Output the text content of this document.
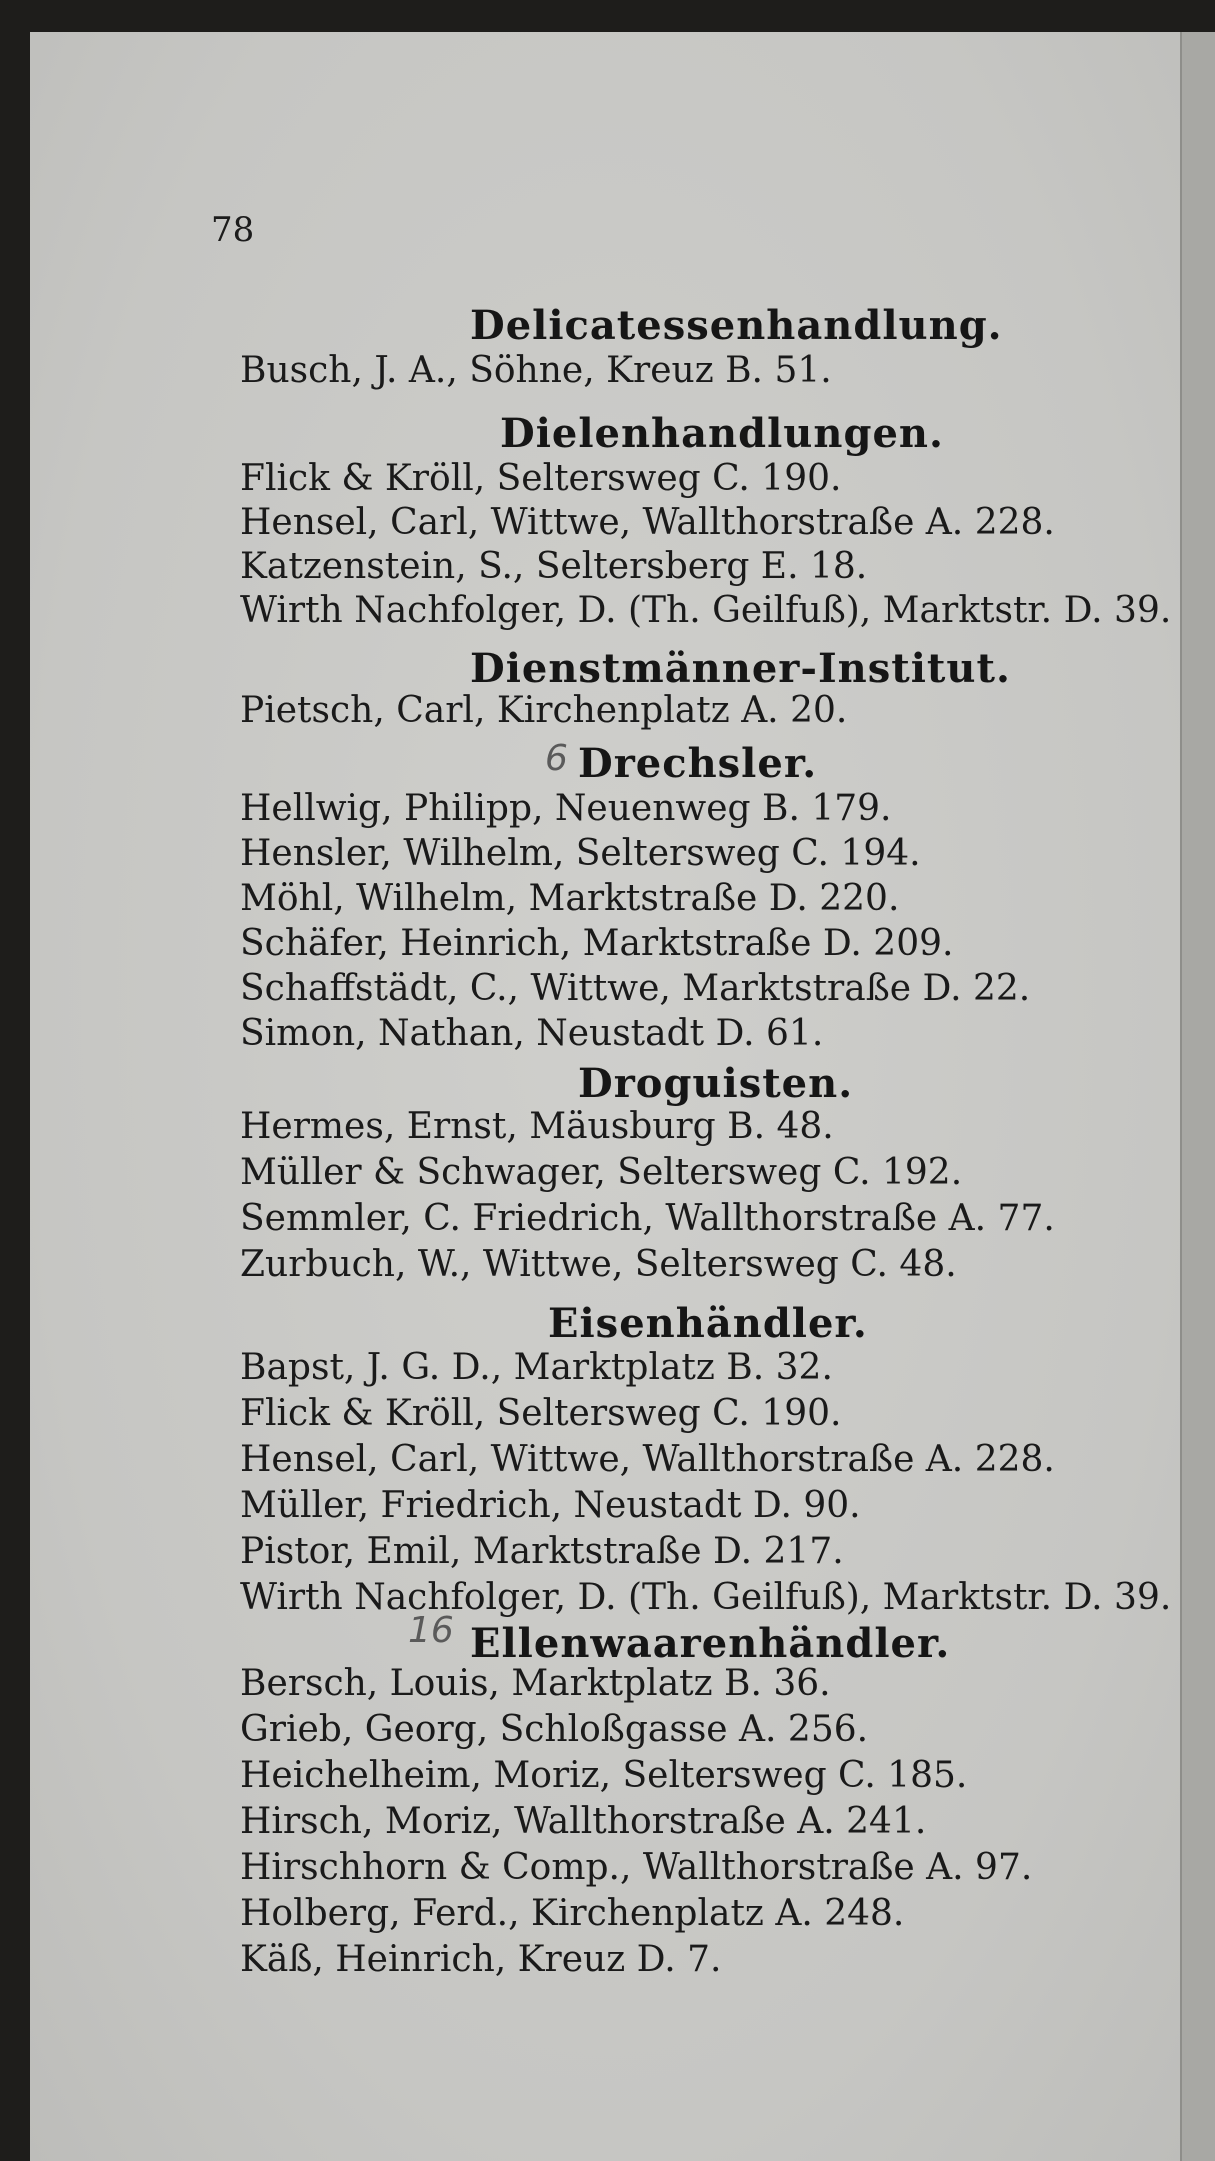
78
Delicatessenhandlung.
Busch, J. A., Söhne, Kreuz B. 51.
Dielenhandlungen.
Flick & Kröll, Seltersweg C. 190.
Hensel, Carl, Wittwe, Wallthorstraße A. 228.
Katzenstein, S., Seltersberg E. 18.
Wirth Nachfolger, D. (Th. Geilfuß), Marktstr. D. 39.
Dienstmänner-Institut.
Pietsch, Carl, Kirchenplatz A. 20.
6 Drechsler.
Hellwig, Philipp, Neuenweg B. 179.
Hensler, Wilhelm, Seltersweg C. 194.
Möhl, Wilhelm, Marktstraße D. 220.
Schäfer, Heinrich, Marktstraße D. 209.
Schaffstädt, C., Wittwe, Marktstraße D. 22.
Simon, Nathan, Neustadt D. 61.
Droguisten.
Hermes, Ernst, Mäusburg B. 48.
Müller & Schwager, Seltersweg C. 192.
Semmler, C. Friedrich, Wallthorstraße A. 77.
Zurbuch, W., Wittwe, Seltersweg C. 48.
Eisenhändler.
Bapst, J. G. D., Marktplatz B. 32.
Flick & Kröll, Seltersweg C. 190.
Hensel, Carl, Wittwe, Wallthorstraße A. 228.
Müller, Friedrich, Neustadt D. 90.
Pistor, Emil, Marktstraße D. 217.
Wirth Nachfolger, D. (Th. Geilfuß), Marktstr. D. 39.
16 Ellenwaarenhändler.
Bersch, Louis, Marktplatz B. 36.
Grieb, Georg, Schloßgasse A. 256.
Heichelheim, Moriz, Seltersweg C. 185.
Hirsch, Moriz, Wallthorstraße A. 241.
Hirschhorn & Comp., Wallthorstraße A. 97.
Holberg, Ferd., Kirchenplatz A. 248.
Käß, Heinrich, Kreuz D. 7.
